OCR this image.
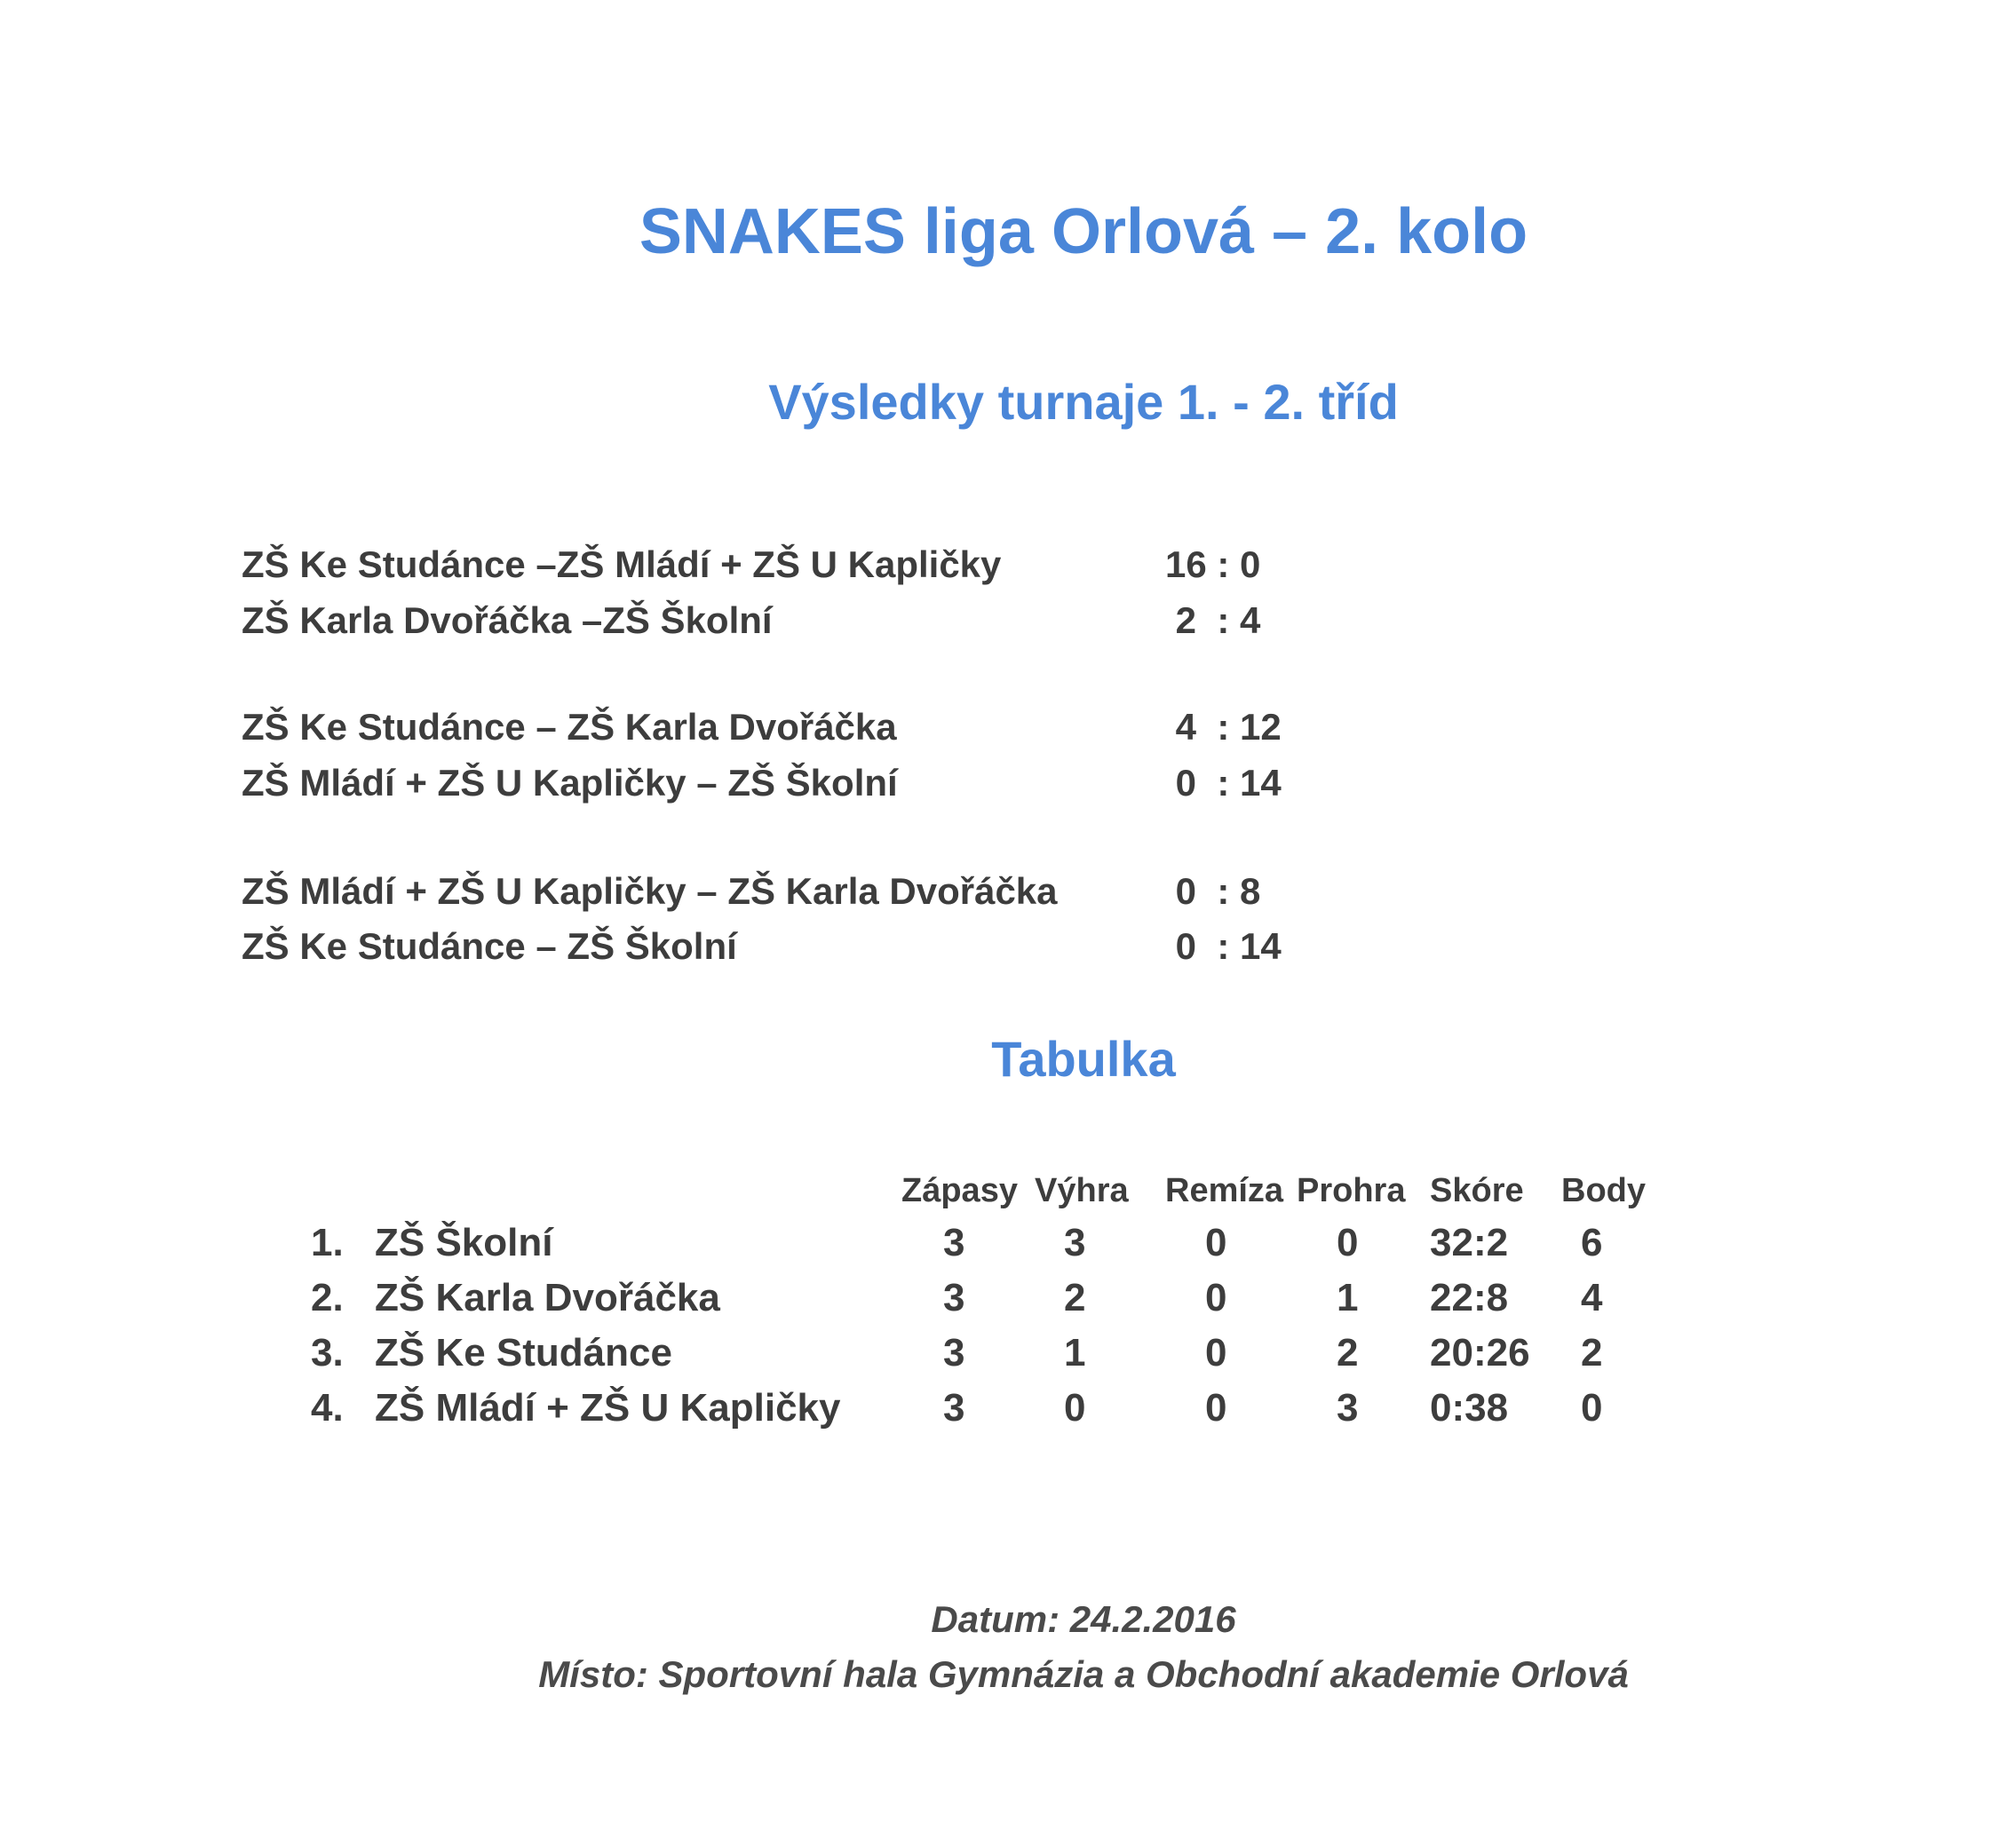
SNAKES liga Orlová – 2. kolo
Výsledky turnaje 1. - 2. tříd
ZŠ Ke Studánce –ZŠ Mládí + ZŠ U Kapličky	16 : 0
ZŠ Karla Dvořáčka –ZŠ Školní	2  : 4
ZŠ Ke Studánce – ZŠ Karla Dvořáčka	4  : 12
ZŠ Mládí + ZŠ U Kapličky – ZŠ Školní	0  : 14
ZŠ Mládí + ZŠ U Kapličky – ZŠ Karla Dvořáčka	0  : 8
ZŠ Ke Studánce – ZŠ Školní	0  : 14
Tabulka
Zápasy Výhra Remíza Prohra Skóre Body
1. ZŠ Školní	3	3	0	0 32:2 6
2. ZŠ Karla Dvořáčka	3	2	0	1 22:8 4
3. ZŠ Ke Studánce	3	1	0	2 20:26 2
4. ZŠ Mládí + ZŠ U Kapličky	3	0	0	3 0:38 0
Datum: 24.2.2016
Místo: Sportovní hala Gymnázia a Obchodní akademie Orlová
